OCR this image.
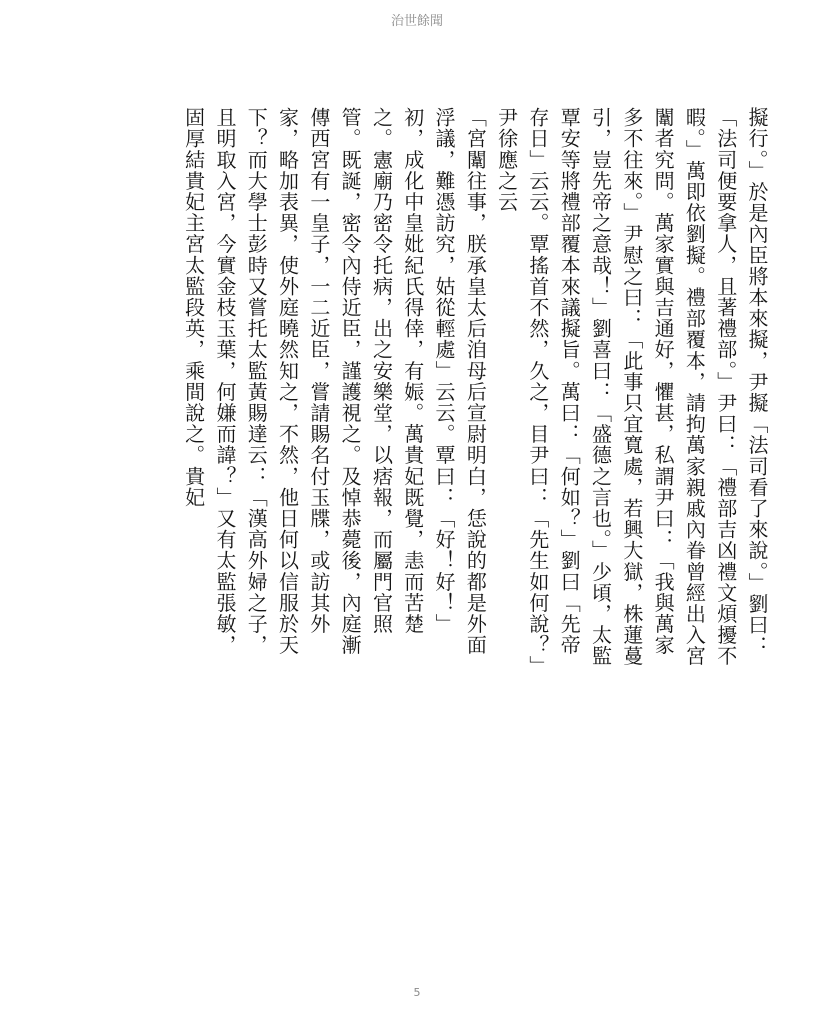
治世餘聞

擬行。」於是內臣將本來擬，尹擬「法司看了來說。」劉曰：「法司便要拿人，且著禮部。」尹曰：「禮部吉凶禮文煩擾不暇。」萬即依劉擬。禮部覆本，請拘萬家親戚內眷曾經出入宮闈者究問。萬家實與吉通好，懼甚，私謂尹曰：「我與萬家多不往來。」尹慰之曰：「此事只宜寬處，若興大獄，株蓮蔓引，豈先帝之意哉！」劉喜曰：「盛德之言也。」少頃，太監覃安等將禮部覆本來議擬旨。萬曰：「何如？」劉曰「先帝存日」云云。覃搖首不然，久之，目尹曰：「先生如何說？」尹徐應之云

「宮闈往事，朕承皇太后洎母后宣尉明白，恁說的都是外面浮議，難憑訪究，姑從輕處」云云。覃曰：「好！好！」初，成化中皇妣紀氏得倖，有娠。萬貴妃既覺，恚而苦楚之。憲廟乃密令托病，出之安樂堂，以痞報，而屬門官照管。既誕，密令內侍近臣，謹護視之。及悼恭薨後，內庭漸傳西宮有一皇子，一二近臣，嘗請賜名付玉牒，或訪其外家，略加表異，使外庭曉然知之，不然，他日何以信服於天下？而大學士彭時又嘗托太監黃賜達云：「漢高外婦之子，且明取入宮，今實金枝玉葉，何嫌而諱？」又有太監張敏，固厚結貴妃主宮太監段英，乘間說之。貴妃

5
